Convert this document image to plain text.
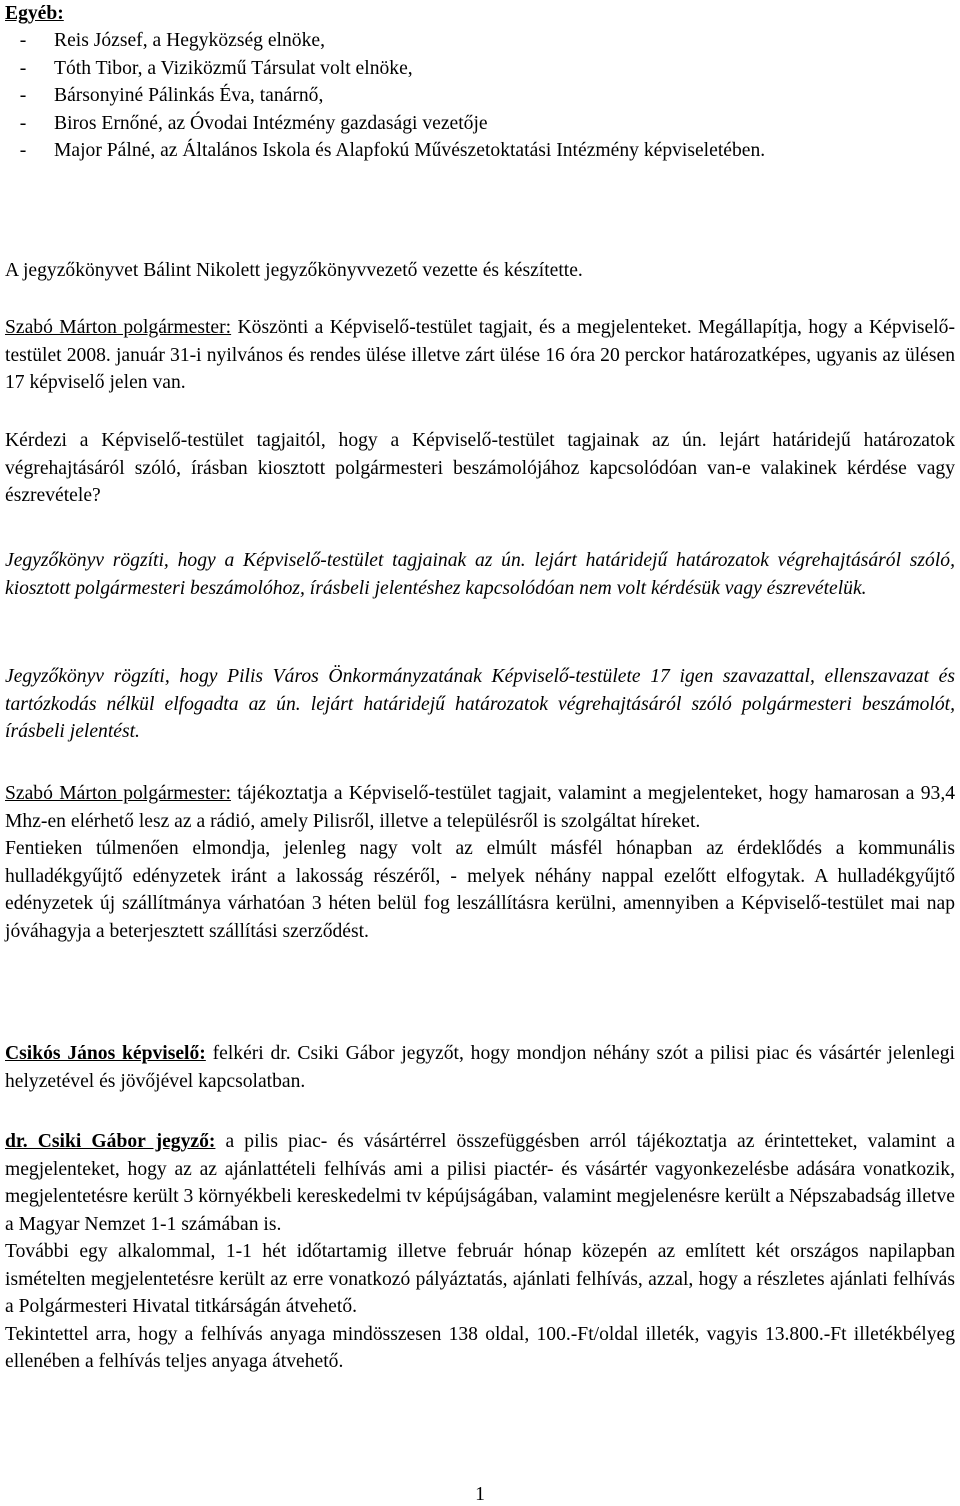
Egyéb:

-	Reis József, a Hegyközség elnöke,
-	Tóth Tibor, a Viziközmű Társulat volt elnöke,
-	Bársonyiné Pálinkás Éva, tanárnő,
-	Biros Ernőné, az Óvodai Intézmény gazdasági vezetője
-	Major Pálné, az Általános Iskola és Alapfokú Művészetoktatási Intézmény képviseletében.

A jegyzőkönyvet Bálint Nikolett jegyzőkönyvvezető vezette és készítette.

Szabó Márton polgármester: Köszönti a Képviselő-testület tagjait, és a megjelenteket. Megállapítja, hogy a Képviselő-testület 2008. január 31-i nyilvános és rendes ülése illetve zárt ülése 16 óra 20 perckor határozatképes, ugyanis az ülésen 17 képviselő jelen van.

Kérdezi a Képviselő-testület tagjaitól, hogy a Képviselő-testület tagjainak az ún. lejárt határidejű határozatok végrehajtásáról szóló, írásban kiosztott polgármesteri beszámolójához kapcsolódóan van-e valakinek kérdése vagy észrevétele?

Jegyzőkönyv rögzíti, hogy a Képviselő-testület tagjainak az ún. lejárt határidejű határozatok végrehajtásáról szóló, kiosztott polgármesteri beszámolóhoz, írásbeli jelentéshez kapcsolódóan nem volt kérdésük vagy észrevételük.

Jegyzőkönyv rögzíti, hogy Pilis Város Önkormányzatának Képviselő-testülete 17 igen szavazattal, ellenszavazat és tartózkodás nélkül elfogadta az ún. lejárt határidejű határozatok végrehajtásáról szóló polgármesteri beszámolót, írásbeli jelentést.

Szabó Márton polgármester: tájékoztatja a Képviselő-testület tagjait, valamint a megjelenteket, hogy hamarosan a 93,4 Mhz-en elérhető lesz az a rádió, amely Pilisről, illetve a településről is szolgáltat híreket.

Fentieken túlmenően elmondja, jelenleg nagy volt az elmúlt másfél hónapban az érdeklődés a kommunális hulladékgyűjtő edényzetek iránt a lakosság részéről, - melyek néhány nappal ezelőtt elfogytak. A hulladékgyűjtő edényzetek új szállítmánya várhatóan 3 héten belül fog leszállításra kerülni, amennyiben a Képviselő-testület mai nap jóváhagyja a beterjesztett szállítási szerződést.

Csikós János képviselő: felkéri dr. Csiki Gábor jegyzőt, hogy mondjon néhány szót a pilisi piac és vásártér jelenlegi helyzetével és jövőjével kapcsolatban.

dr. Csiki Gábor jegyző: a pilis piac- és vásártérrel összefüggésben arról tájékoztatja az érintetteket, valamint a megjelenteket, hogy az az ajánlattételi felhívás ami a pilisi piactér- és vásártér vagyonkezelésbe adására vonatkozik, megjelentetésre került 3 környékbeli kereskedelmi tv képújságában, valamint megjelenésre került a Népszabadság illetve a Magyar Nemzet 1-1 számában is.

További egy alkalommal, 1-1 hét időtartamig illetve február hónap közepén az említett két országos napilapban ismételten megjelentetésre került az erre vonatkozó pályáztatás, ajánlati felhívás, azzal, hogy a részletes ajánlati felhívás a Polgármesteri Hivatal titkárságán átvehető.

Tekintettel arra, hogy a felhívás anyaga mindösszesen 138 oldal, 100.-Ft/oldal illeték, vagyis 13.800.-Ft illetékbélyeg ellenében a felhívás teljes anyaga átvehető.

1
